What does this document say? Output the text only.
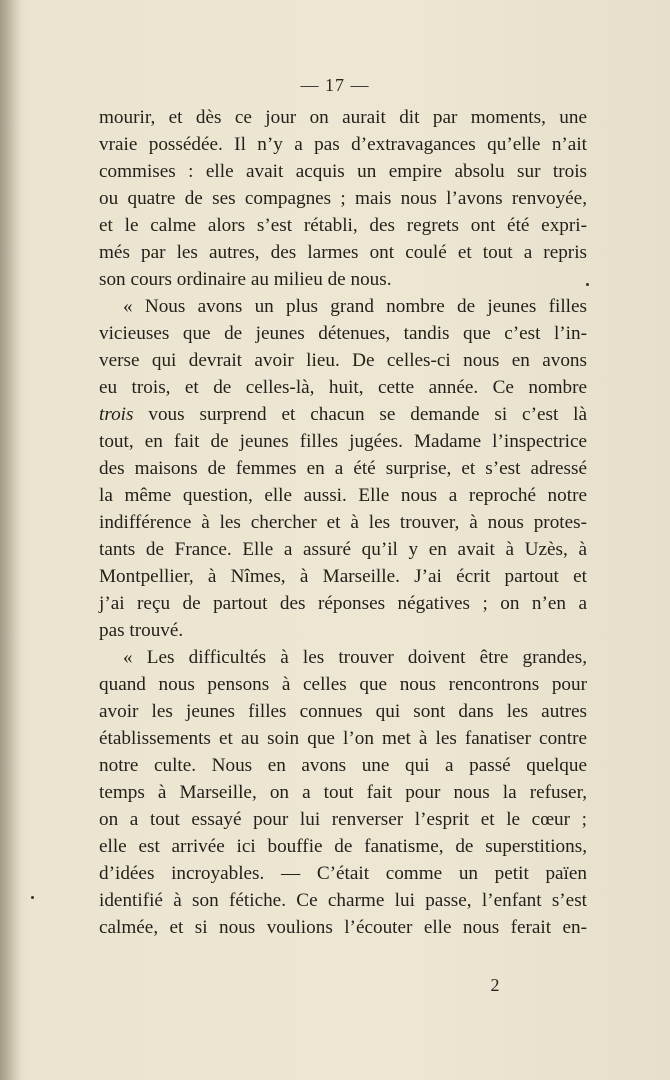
— 17 —
mourir, et dès ce jour on aurait dit par moments, une
vraie possédée. Il n’y a pas d’extravagances qu’elle n’ait
commises : elle avait acquis un empire absolu sur trois
ou quatre de ses compagnes ; mais nous l’avons renvoyée,
et le calme alors s’est rétabli, des regrets ont été expri-
més par les autres, des larmes ont coulé et tout a repris
son cours ordinaire au milieu de nous.
« Nous avons un plus grand nombre de jeunes filles
vicieuses que de jeunes détenues, tandis que c’est l’in-
verse qui devrait avoir lieu. De celles-ci nous en avons
eu trois, et de celles-là, huit, cette année. Ce nombre
trois vous surprend et chacun se demande si c’est là
tout, en fait de jeunes filles jugées. Madame l’inspectrice
des maisons de femmes en a été surprise, et s’est adressé
la même question, elle aussi. Elle nous a reproché notre
indifférence à les chercher et à les trouver, à nous protes-
tants de France. Elle a assuré qu’il y en avait à Uzès, à
Montpellier, à Nîmes, à Marseille. J’ai écrit partout et
j’ai reçu de partout des réponses négatives ; on n’en a
pas trouvé.
« Les difficultés à les trouver doivent être grandes,
quand nous pensons à celles que nous rencontrons pour
avoir les jeunes filles connues qui sont dans les autres
établissements et au soin que l’on met à les fanatiser contre
notre culte. Nous en avons une qui a passé quelque
temps à Marseille, on a tout fait pour nous la refuser,
on a tout essayé pour lui renverser l’esprit et le cœur ;
elle est arrivée ici bouffie de fanatisme, de superstitions,
d’idées incroyables. — C’était comme un petit païen
identifié à son fétiche. Ce charme lui passe, l’enfant s’est
calmée, et si nous voulions l’écouter elle nous ferait en-
2
